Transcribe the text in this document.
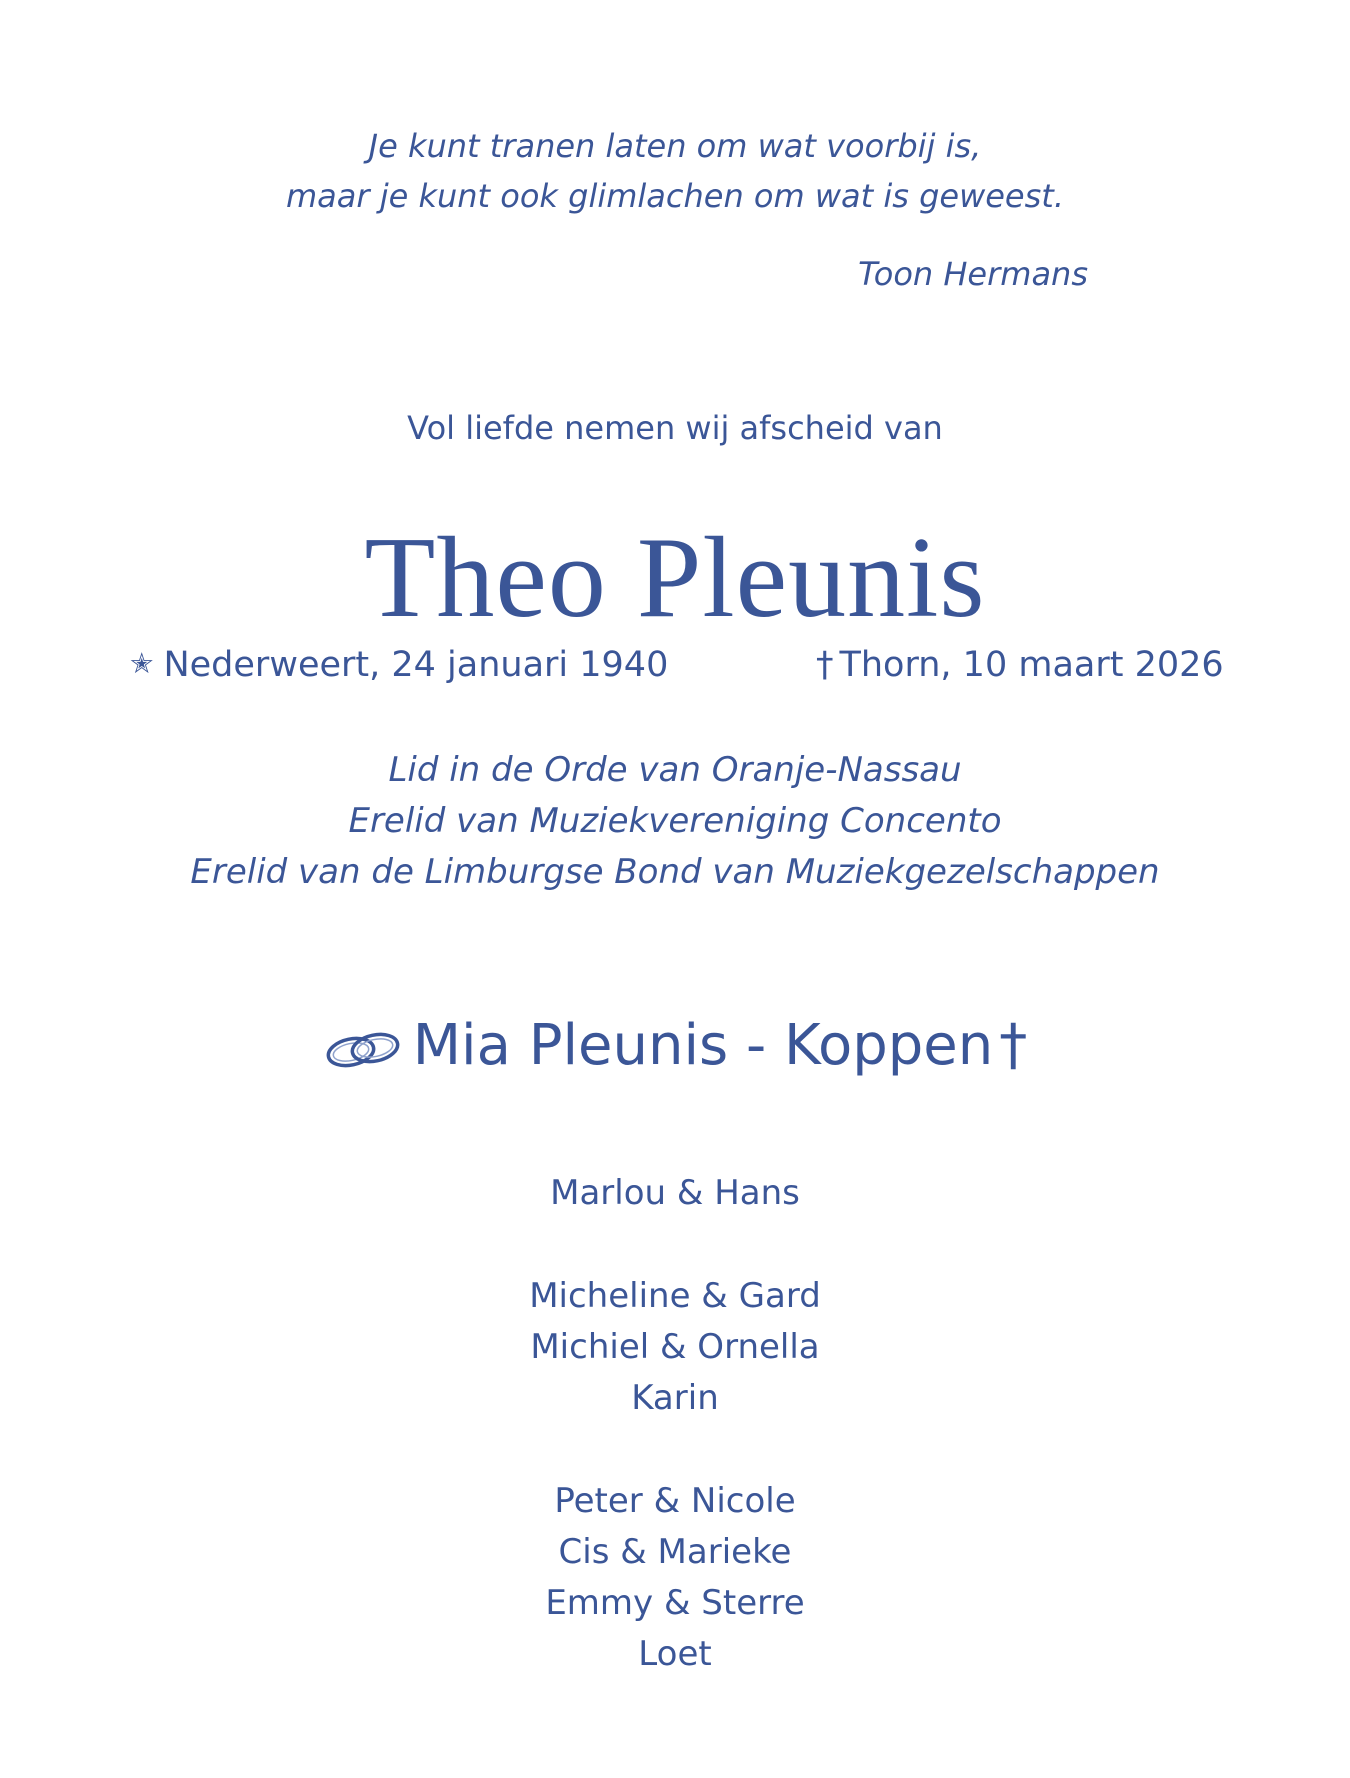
Je kunt tranen laten om wat voorbij is,
maar je kunt ook glimlachen om wat is geweest.
Toon Hermans
Vol liefde nemen wij afscheid van
Theo Pleunis
✭ Nederweert, 24 januari 1940	† Thorn, 10 maart 2026
Lid in de Orde van Oranje-Nassau
Erelid van Muziekvereniging Concento
Erelid van de Limburgse Bond van Muziekgezelschappen
Mia Pleunis - Koppen †
Marlou & Hans
Micheline & Gard
Michiel & Ornella
Karin
Peter & Nicole
Cis & Marieke
Emmy & Sterre
Loet
